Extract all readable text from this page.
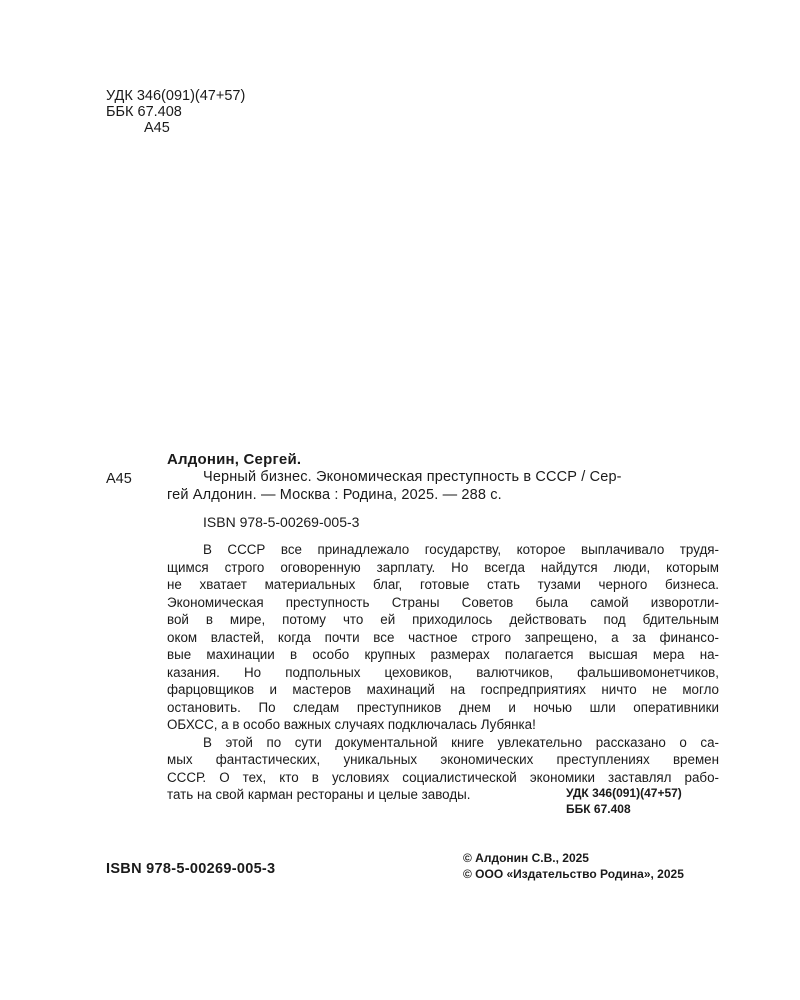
УДК 346(091)(47+57)
ББК 67.408
А45
Алдонин, Сергей.
А45	Черный бизнес. Экономическая преступность в СССР / Сер-
гей Алдонин. — Москва : Родина, 2025. — 288 с.
ISBN 978-5-00269-005-3
В СССР все принадлежало государству, которое выплачивало трудя-
щимся строго оговоренную зарплату. Но всегда найдутся люди, которым
не хватает материальных благ, готовые стать тузами черного бизнеса.
Экономическая преступность Страны Советов была самой изворотли-
вой в мире, потому что ей приходилось действовать под бдительным
оком властей, когда почти все частное строго запрещено, а за финансо-
вые махинации в особо крупных размерах полагается высшая мера на-
казания. Но подпольных цеховиков, валютчиков, фальшивомонетчиков,
фарцовщиков и мастеров махинаций на госпредприятиях ничто не могло
остановить. По следам преступников днем и ночью шли оперативники
ОБХСС, а в особо важных случаях подключалась Лубянка!
В этой по сути документальной книге увлекательно рассказано о са-
мых фантастических, уникальных экономических преступлениях времен
СССР. О тех, кто в условиях социалистической экономики заставлял рабо-
тать на свой карман рестораны и целые заводы.	УДК 346(091)(47+57)
ББК 67.408
ISBN 978-5-00269-005-3
© Алдонин С.В., 2025
© ООО «Издательство Родина», 2025
